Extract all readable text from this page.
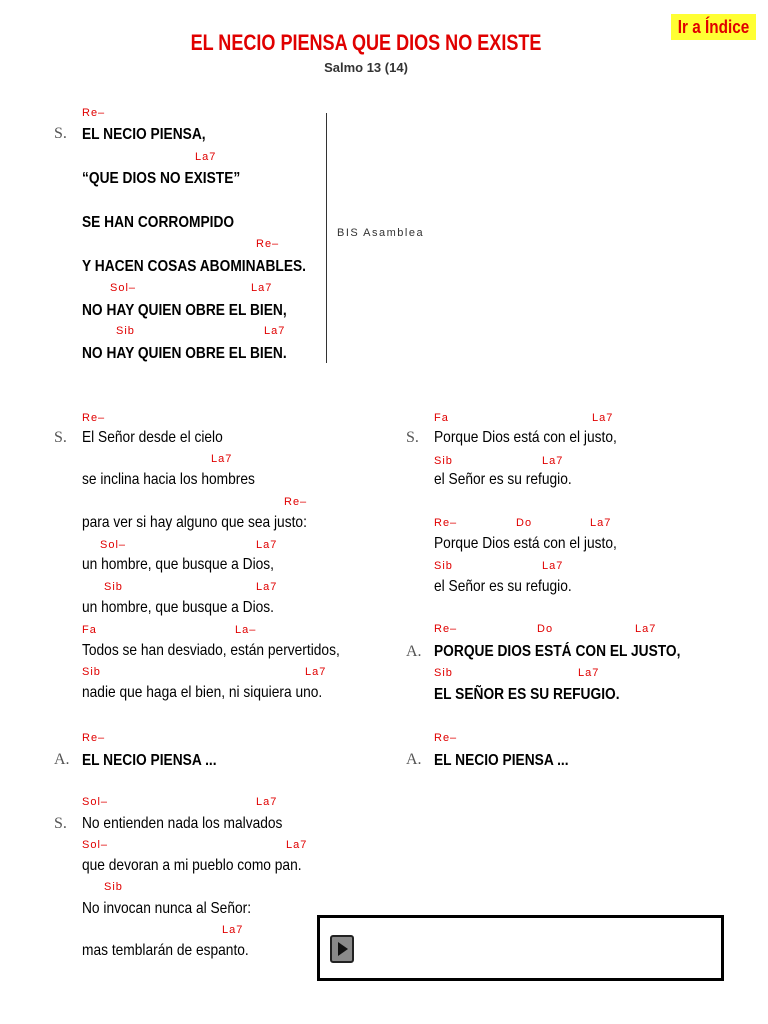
EL NECIO PIENSA QUE DIOS NO EXISTE
Salmo 13 (14)
Ir a Índice
Re–
S. EL NECIO PIENSA,
La7
“QUE DIOS NO EXISTE”
SE HAN CORROMPIDO
Re–
Y HACEN COSAS ABOMINABLES.
Sol–	La7
NO HAY QUIEN OBRE EL BIEN,
Sib	La7
NO HAY QUIEN OBRE EL BIEN.
BIS Asamblea
Re–
S. El Señor desde el cielo
La7
se inclina hacia los hombres
Re–
para ver si hay alguno que sea justo:
Sol–	La7
un hombre, que busque a Dios,
Sib	La7
un hombre, que busque a Dios.
Fa	La–
Todos se han desviado, están pervertidos,
Sib	La7
nadie que haga el bien, ni siquiera uno.
Re–
A. EL NECIO PIENSA ...
Sol–	La7
S. No entienden nada los malvados
Sol–	La7
que devoran a mi pueblo como pan.
Sib
No invocan nunca al Señor:
La7
mas temblarán de espanto.
Fa	La7
S. Porque Dios está con el justo,
Sib	La7
el Señor es su refugio.
Re–	Do	La7
Porque Dios está con el justo,
Sib	La7
el Señor es su refugio.
Re–	Do	La7
A. PORQUE DIOS ESTÁ CON EL JUSTO,
Sib	La7
EL SEÑOR ES SU REFUGIO.
Re–
A. EL NECIO PIENSA ...
